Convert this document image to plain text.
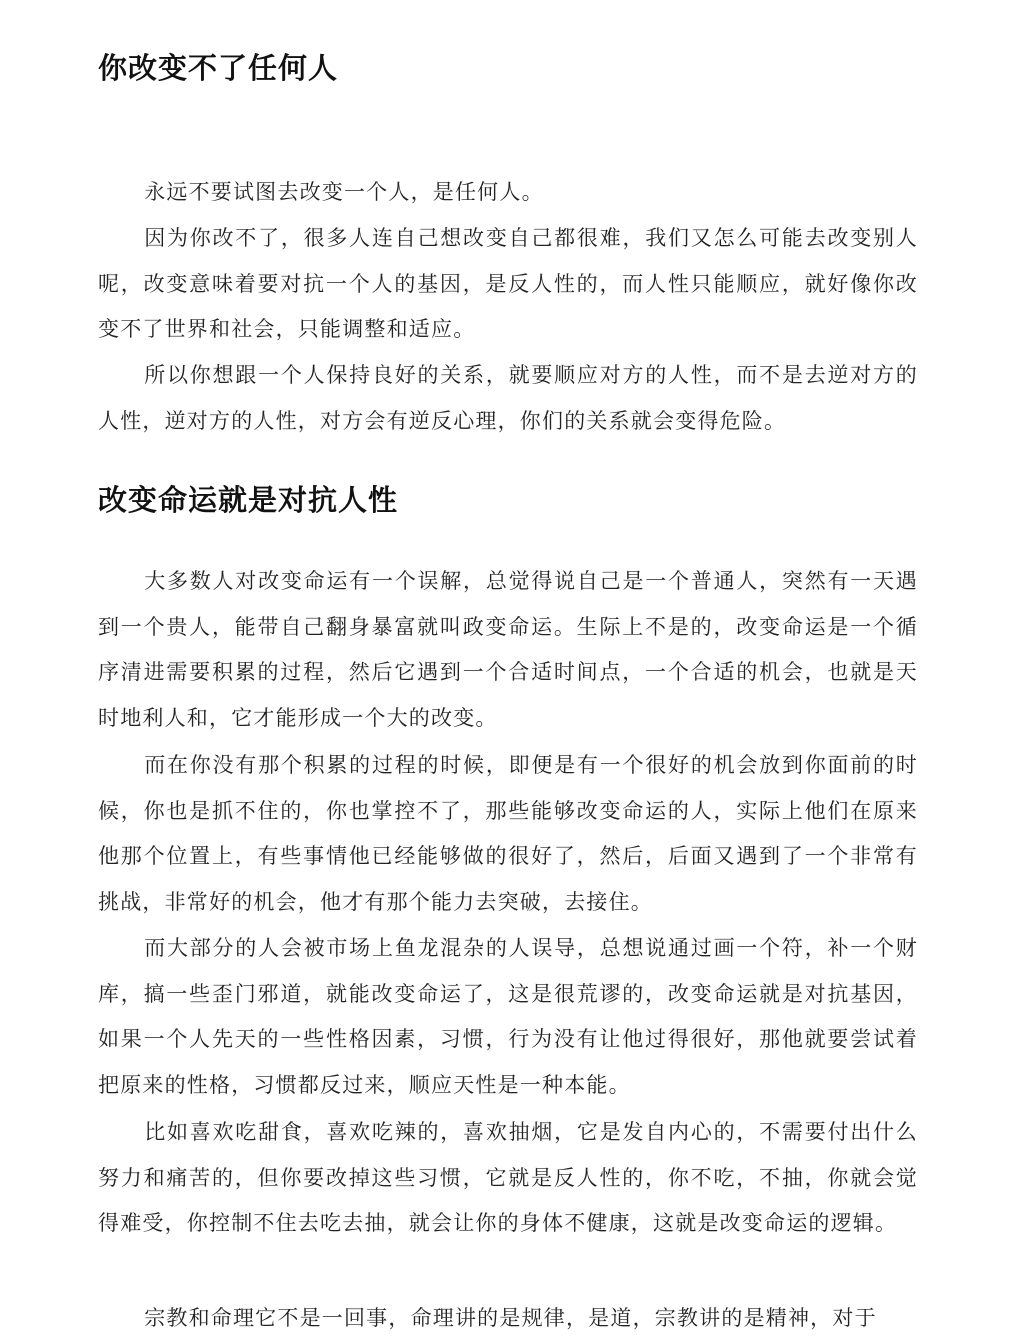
你改变不了任何人

永远不要试图去改变一个人，是任何人。

因为你改不了，很多人连自己想改变自己都很难，我们又怎么可能去改变别人呢，改变意味着要对抗一个人的基因，是反人性的，而人性只能顺应，就好像你改变不了世界和社会，只能调整和适应。

所以你想跟一个人保持良好的关系，就要顺应对方的人性，而不是去逆对方的人性，逆对方的人性，对方会有逆反心理，你们的关系就会变得危险。

改变命运就是对抗人性

大多数人对改变命运有一个误解，总觉得说自己是一个普通人，突然有一天遇到一个贵人，能带自己翻身暴富就叫政变命运。生际上不是的，改变命运是一个循序清进需要积累的过程，然后它遇到一个合适时间点，一个合适的机会，也就是天时地利人和，它才能形成一个大的改变。

而在你没有那个积累的过程的时候，即便是有一个很好的机会放到你面前的时候，你也是抓不住的，你也掌控不了，那些能够改变命运的人，实际上他们在原来他那个位置上，有些事情他已经能够做的很好了，然后，后面又遇到了一个非常有挑战，非常好的机会，他才有那个能力去突破，去接住。

而大部分的人会被市场上鱼龙混杂的人误导，总想说通过画一个符，补一个财库，搞一些歪门邪道，就能改变命运了，这是很荒谬的，改变命运就是对抗基因，如果一个人先天的一些性格因素，习惯，行为没有让他过得很好，那他就要尝试着把原来的性格，习惯都反过来，顺应天性是一种本能。

比如喜欢吃甜食，喜欢吃辣的，喜欢抽烟，它是发自内心的，不需要付出什么努力和痛苦的，但你要改掉这些习惯，它就是反人性的，你不吃，不抽，你就会觉得难受，你控制不住去吃去抽，就会让你的身体不健康，这就是改变命运的逻辑。

宗教和命理它不是一回事，命理讲的是规律，是道，宗教讲的是精神，对于
